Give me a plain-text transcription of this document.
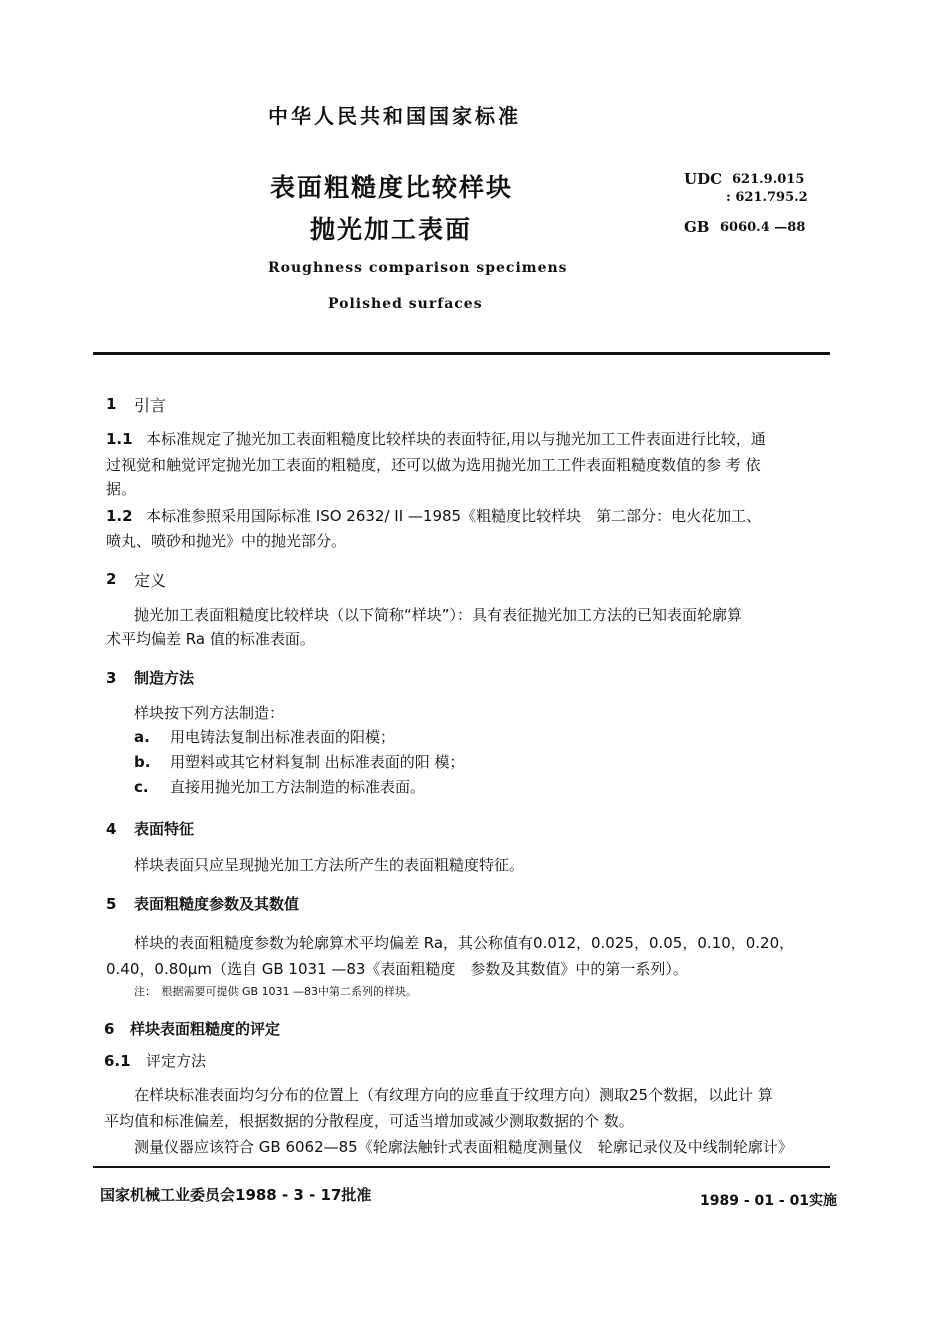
中华人民共和国国家标准
表面粗糙度比较样块
抛光加工表面
Roughness comparison specimens
Polished surfaces
UDC 621.9.015
: 621.795.2
GB 6060.4 —88
1 引言
1.1 本标准规定了抛光加工表面粗糙度比较样块的表面特征,用以与抛光加工工件表面进行比较，通
过视觉和触觉评定抛光加工表面的粗糙度，还可以做为选用抛光加工工件表面粗糙度数值的参 考 依
据。
1.2 本标准参照采用国际标准 ISO 2632/ II —1985《粗糙度比较样块　第二部分：电火花加工、
喷丸、喷砂和抛光》中的抛光部分。
2 定义
抛光加工表面粗糙度比较样块（以下简称“样块”）：具有表征抛光加工方法的已知表面轮廓算
术平均偏差 Ra 值的标准表面。
3 制造方法
样块按下列方法制造：
a. 用电铸法复制出标准表面的阳模；
b. 用塑料或其它材料复制 出标准表面的阳 模；
c. 直接用抛光加工方法制造的标准表面。
4 表面特征
样块表面只应呈现抛光加工方法所产生的表面粗糙度特征。
5 表面粗糙度参数及其数值
样块的表面粗糙度参数为轮廓算术平均偏差 Ra，其公称值有0.012，0.025，0.05，0.10，0.20，
0.40，0.80μm（选自 GB 1031 —83《表面粗糙度　参数及其数值》中的第一系列）。
注：　根据需要可提供 GB 1031 —83中第二系列的样块。
6 样块表面粗糙度的评定
6.1 评定方法
在样块标准表面均匀分布的位置上（有纹理方向的应垂直于纹理方向）测取25个数据，以此计 算
平均值和标准偏差，根据数据的分散程度，可适当增加或减少测取数据的个 数。
测量仪器应该符合 GB 6062—85《轮廓法触针式表面粗糙度测量仪　轮廓记录仪及中线制轮廓计》
国家机械工业委员会1988 - 3 - 17批准	1989 - 01 - 01实施
